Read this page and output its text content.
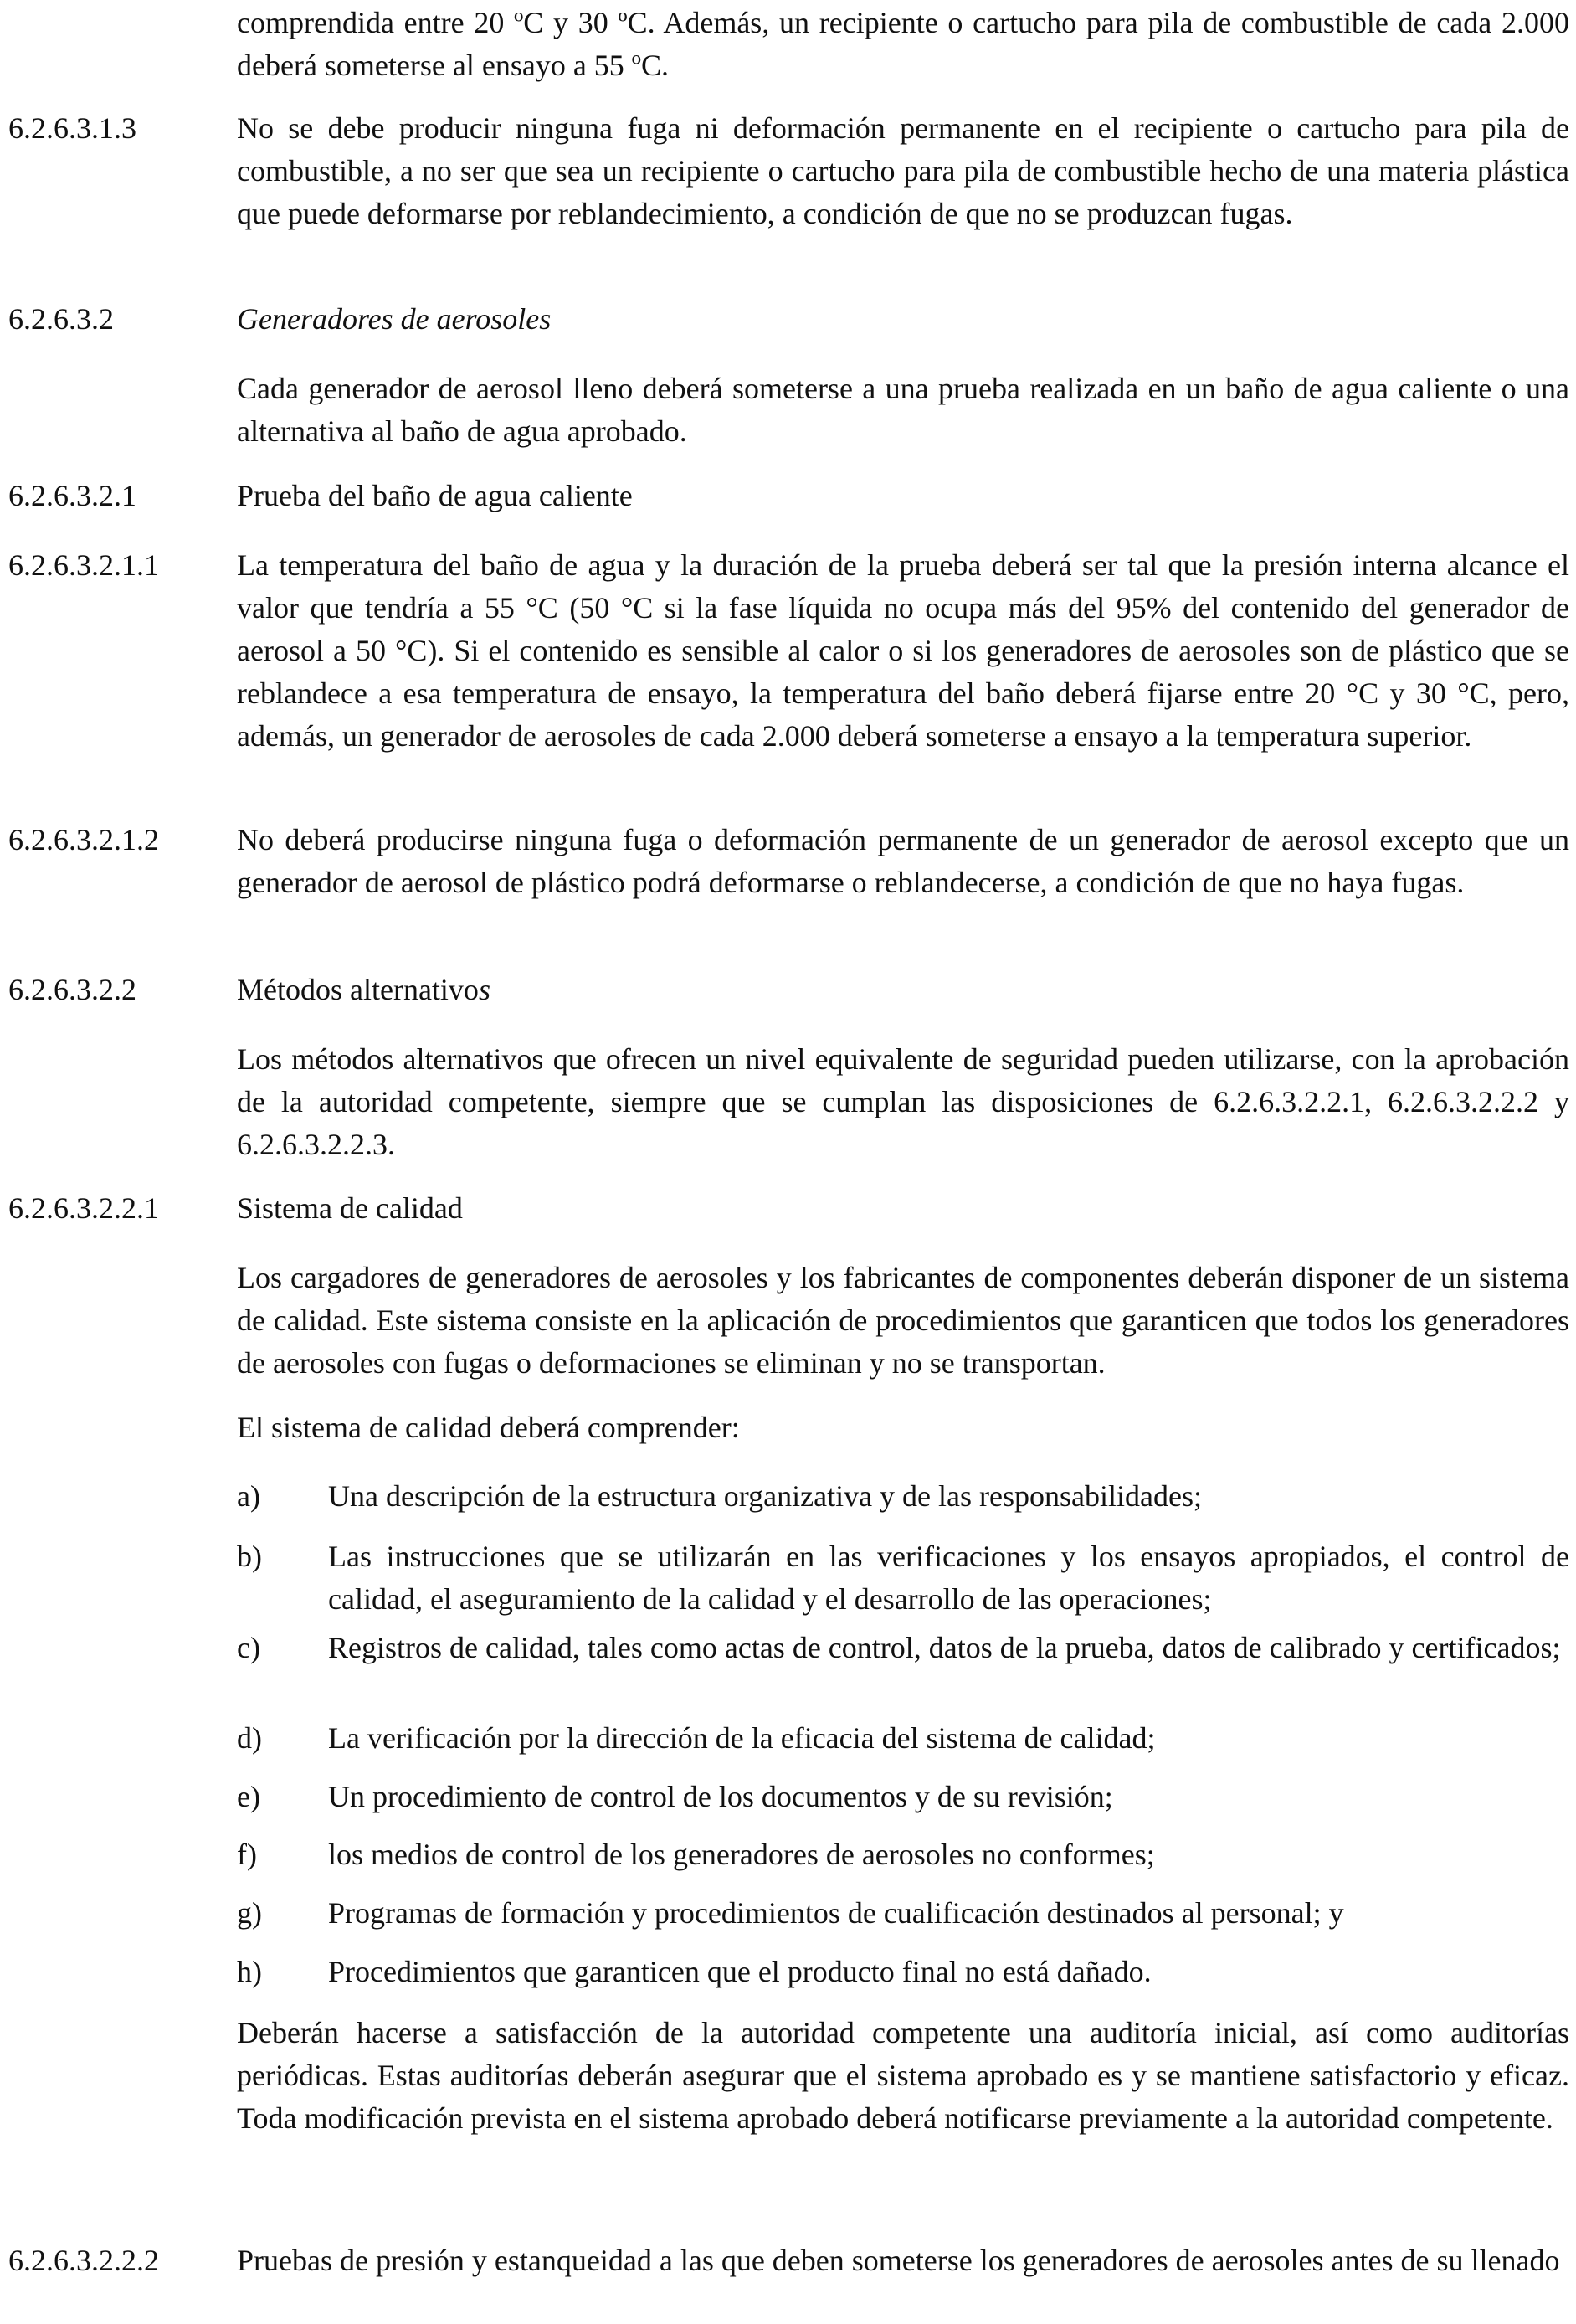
comprendida entre 20 ºC y 30 ºC. Además, un recipiente o cartucho para pila de combustible de cada 2.000 deberá someterse al ensayo a 55 ºC.
6.2.6.3.1.3	No se debe producir ninguna fuga ni deformación permanente en el recipiente o cartucho para pila de combustible, a no ser que sea un recipiente o cartucho para pila de combustible hecho de una materia plástica que puede deformarse por reblandecimiento, a condición de que no se produzcan fugas.
6.2.6.3.2	Generadores de aerosoles
Cada generador de aerosol lleno deberá someterse a una prueba realizada en un baño de agua caliente o una alternativa al baño de agua aprobado.
6.2.6.3.2.1	Prueba del baño de agua caliente
6.2.6.3.2.1.1	La temperatura del baño de agua y la duración de la prueba deberá ser tal que la presión interna alcance el valor que tendría a 55 °C (50 °C si la fase líquida no ocupa más del 95% del contenido del generador de aerosol a 50 °C). Si el contenido es sensible al calor o si los generadores de aerosoles son de plástico que se reblandece a esa temperatura de ensayo, la temperatura del baño deberá fijarse entre 20 °C y 30 °C, pero, además, un generador de aerosoles de cada 2.000 deberá someterse a ensayo a la temperatura superior.
6.2.6.3.2.1.2	No deberá producirse ninguna fuga o deformación permanente de un generador de aerosol excepto que un generador de aerosol de plástico podrá deformarse o reblandecerse, a condición de que no haya fugas.
6.2.6.3.2.2	Métodos alternativos
Los métodos alternativos que ofrecen un nivel equivalente de seguridad pueden utilizarse, con la aprobación de la autoridad competente, siempre que se cumplan las disposiciones de 6.2.6.3.2.2.1, 6.2.6.3.2.2.2 y 6.2.6.3.2.2.3.
6.2.6.3.2.2.1	Sistema de calidad
Los cargadores de generadores de aerosoles y los fabricantes de componentes deberán disponer de un sistema de calidad. Este sistema consiste en la aplicación de procedimientos que garanticen que todos los generadores de aerosoles con fugas o deformaciones se eliminan y no se transportan.
El sistema de calidad deberá comprender:
a) Una descripción de la estructura organizativa y de las responsabilidades;
b) Las instrucciones que se utilizarán en las verificaciones y los ensayos apropiados, el control de calidad, el aseguramiento de la calidad y el desarrollo de las operaciones;
c) Registros de calidad, tales como actas de control, datos de la prueba, datos de calibrado y certificados;
d) La verificación por la dirección de la eficacia del sistema de calidad;
e) Un procedimiento de control de los documentos y de su revisión;
f) los medios de control de los generadores de aerosoles no conformes;
g) Programas de formación y procedimientos de cualificación destinados al personal; y
h) Procedimientos que garanticen que el producto final no está dañado.
Deberán hacerse a satisfacción de la autoridad competente una auditoría inicial, así como auditorías periódicas. Estas auditorías deberán asegurar que el sistema aprobado es y se mantiene satisfactorio y eficaz. Toda modificación prevista en el sistema aprobado deberá notificarse previamente a la autoridad competente.
6.2.6.3.2.2.2	Pruebas de presión y estanqueidad a las que deben someterse los generadores de aerosoles antes de su llenado
